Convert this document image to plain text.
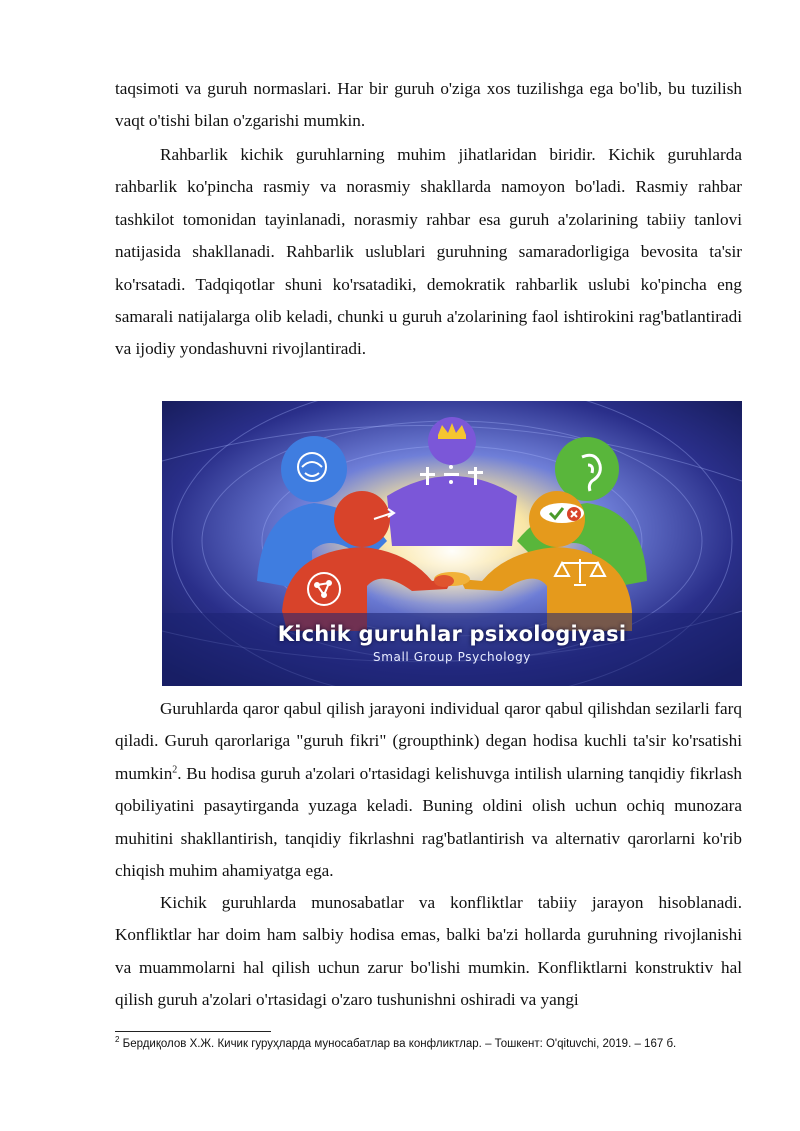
taqsimoti va guruh normaslari. Har bir guruh o'ziga xos tuzilishga ega bo'lib, bu tuzilish vaqt o'tishi bilan o'zgarishi mumkin.

Rahbarlik kichik guruhlarning muhim jihatlaridan biridir. Kichik guruhlarda rahbarlik ko'pincha rasmiy va norasmiy shakllarda namoyon bo'ladi. Rasmiy rahbar tashkilot tomonidan tayinlanadi, norasmiy rahbar esa guruh a'zolarining tabiiy tanlovi natijasida shakllanadi. Rahbarlik uslublari guruhning samaradorligiga bevosita ta'sir ko'rsatadi. Tadqiqotlar shuni ko'rsatadiki, demokratik rahbarlik uslubi ko'pincha eng samarali natijalarga olib keladi, chunki u guruh a'zolarining faol ishtirokini rag'batlantiradi va ijodiy yondashuvni rivojlantiradi.

Kichik guruhlar psixologiyasi
Small Group Psychology

Guruhlarda qaror qabul qilish jarayoni individual qaror qabul qilishdan sezilarli farq qiladi. Guruh qarorlariga "guruh fikri" (groupthink) degan hodisa kuchli ta'sir ko'rsatishi mumkin$^2$. Bu hodisa guruh a'zolari o'rtasidagi kelishuvga intilish ularning tanqidiy fikrlash qobiliyatini pasaytirganda yuzaga keladi. Buning oldini olish uchun ochiq munozara muhitini shakllantirish, tanqidiy fikrlashni rag'batlantirish va alternativ qarorlarni ko'rib chiqish muhim ahamiyatga ega.

Kichik guruhlarda munosabatlar va konfliktlar tabiiy jarayon hisoblanadi. Konfliktlar har doim ham salbiy hodisa emas, balki ba'zi hollarda guruhning rivojlanishi va muammolarni hal qilish uchun zarur bo'lishi mumkin. Konfliktlarni konstruktiv hal qilish guruh a'zolari o'rtasidagi o'zaro tushunishni oshiradi va yangi

$^2$ Бердиқолов Х.Ж. Кичик гуруҳларда муносабатлар ва конфликтлар. – Тошкент: O'qituvchi, 2019. – 167 б.
